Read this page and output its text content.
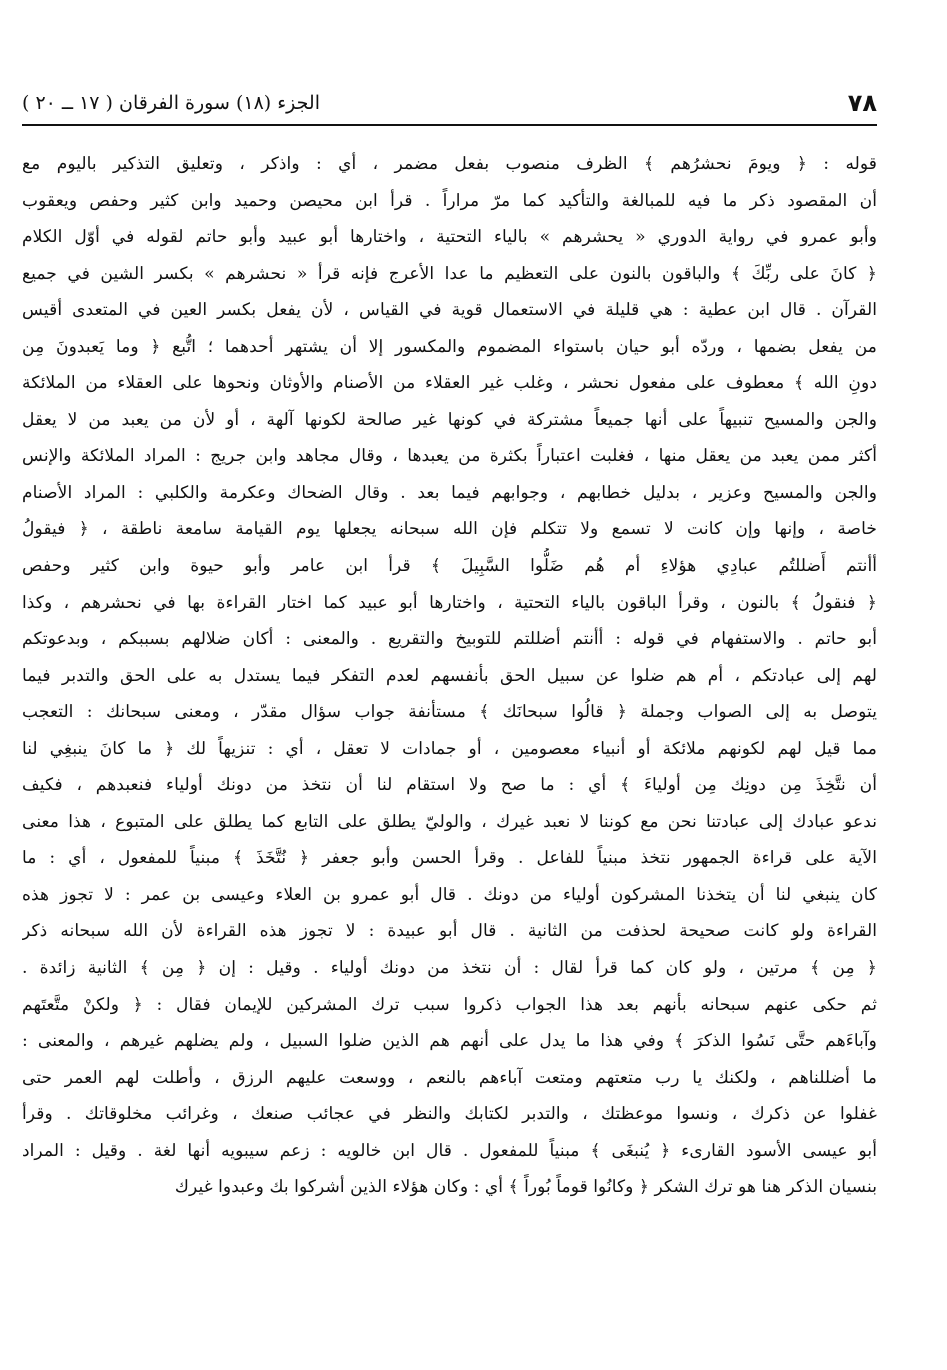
٧٨
الجزء (١٨) سورة الفرقان ( ١٧ ــ ٢٠ )
قوله : ﴿ ويومَ نحشرُهم ﴾ الظرف منصوب بفعل مضمر ، أي : واذكر ، وتعليق التذكير باليوم مع
أن المقصود ذكر ما فيه للمبالغة والتأكيد كما مرّ مراراً . قرأ ابن محيصن وحميد وابن كثير وحفص ويعقوب
وأبو عمرو في رواية الدوري « يحشرهم » بالياء التحتية ، واختارها أبو عبيد وأبو حاتم لقوله في أوّل الكلام
﴿ كانَ على ربِّكَ ﴾ والباقون بالنون على التعظيم ما عدا الأعرج فإنه قرأ « نحشرهم » بكسر الشين في جميع
القرآن . قال ابن عطية : هي قليلة في الاستعمال قوية في القياس ، لأن يفعل بكسر العين في المتعدى أقيس
من يفعل بضمها ، وردّه أبو حيان باستواء المضموم والمكسور إلا أن يشتهر أحدهما ؛ اتُّبع ﴿ وما يَعبدونَ مِن
دونِ الله ﴾ معطوف على مفعول نحشر ، وغلب غير العقلاء من الأصنام والأوثان ونحوها على العقلاء من الملائكة
والجن والمسيح تنبيهاً على أنها جميعاً مشتركة في كونها غير صالحة لكونها آلهة ، أو لأن من يعبد من لا يعقل
أكثر ممن يعبد من يعقل منها ، فغلبت اعتباراً بكثرة من يعبدها ، وقال مجاهد وابن جريج : المراد الملائكة والإنس
والجن والمسيح وعزير ، بدليل خطابهم ، وجوابهم فيما بعد . وقال الضحاك وعكرمة والكلبي : المراد الأصنام
خاصة ، وإنها وإن كانت لا تسمع ولا تتكلم فإن الله سبحانه يجعلها يوم القيامة سامعة ناطقة ، ﴿ فيقولُ
أأنتم أَضللتُم عبادِي هؤلاءِ أم هُم ضَلُّوا السَّبِيلَ ﴾ قرأ ابن عامر وأبو حيوة وابن كثير وحفص
﴿ فنقولُ ﴾ بالنون ، وقرأ الباقون بالياء التحتية ، واختارها أبو عبيد كما اختار القراءة بها في نحشرهم ، وكذا
أبو حاتم . والاستفهام في قوله : أأنتم أضللتم للتوبيخ والتقريع . والمعنى : أكان ضلالهم بسببكم ، وبدعوتكم
لهم إلى عبادتكم ، أم هم ضلوا عن سبيل الحق بأنفسهم لعدم التفكر فيما يستدل به على الحق والتدبر فيما
يتوصل به إلى الصواب وجملة ﴿ قالُوا سبحانَك ﴾ مستأنفة جواب سؤال مقدّر ، ومعنى سبحانك : التعجب
مما قيل لهم لكونهم ملائكة أو أنبياء معصومين ، أو جمادات لا تعقل ، أي : تنزيهاً لك ﴿ ما كانَ ينبغِي لنا
أن نتَّخِذَ مِن دونِك مِن أولياءَ ﴾ أي : ما صح ولا استقام لنا أن نتخذ من دونك أولياء فنعبدهم ، فكيف
ندعو عبادك إلى عبادتنا نحن مع كوننا لا نعبد غيرك ، والوليّ يطلق على التابع كما يطلق على المتبوع ، هذا معنى
الآية على قراءة الجمهور نتخذ مبنياً للفاعل . وقرأ الحسن وأبو جعفر ﴿ نُتَّخَذَ ﴾ مبنياً للمفعول ، أي : ما
كان ينبغي لنا أن يتخذنا المشركون أولياء من دونك . قال أبو عمرو بن العلاء وعيسى بن عمر : لا تجوز هذه
القراءة ولو كانت صحيحة لحذفت من الثانية . قال أبو عبيدة : لا تجوز هذه القراءة لأن الله سبحانه ذكر
﴿ مِن ﴾ مرتين ، ولو كان كما قرأ لقال : أن نتخذ من دونك أولياء . وقيل : إن ﴿ مِن ﴾ الثانية زائدة .
ثم حكى عنهم سبحانه بأنهم بعد هذا الجواب ذكروا سبب ترك المشركين للإيمان فقال : ﴿ ولكنْ متَّعتَهم
وآباءَهم حتَّى نَسُوا الذكرَ ﴾ وفي هذا ما يدل على أنهم هم الذين ضلوا السبيل ، ولم يضلهم غيرهم ، والمعنى :
ما أضللناهم ، ولكنك يا رب متعتهم ومتعت آباءهم بالنعم ، ووسعت عليهم الرزق ، وأطلت لهم العمر حتى
غفلوا عن ذكرك ، ونسوا موعظتك ، والتدبر لكتابك والنظر في عجائب صنعك ، وغرائب مخلوقاتك . وقرأ
أبو عيسى الأسود القارىء ﴿ يُنبغَى ﴾ مبنياً للمفعول . قال ابن خالويه : زعم سيبويه أنها لغة . وقيل : المراد
بنسيان الذكر هنا هو ترك الشكر ﴿ وكانُوا قوماً بُوراً ﴾ أي : وكان هؤلاء الذين أشركوا بك وعبدوا غيرك
